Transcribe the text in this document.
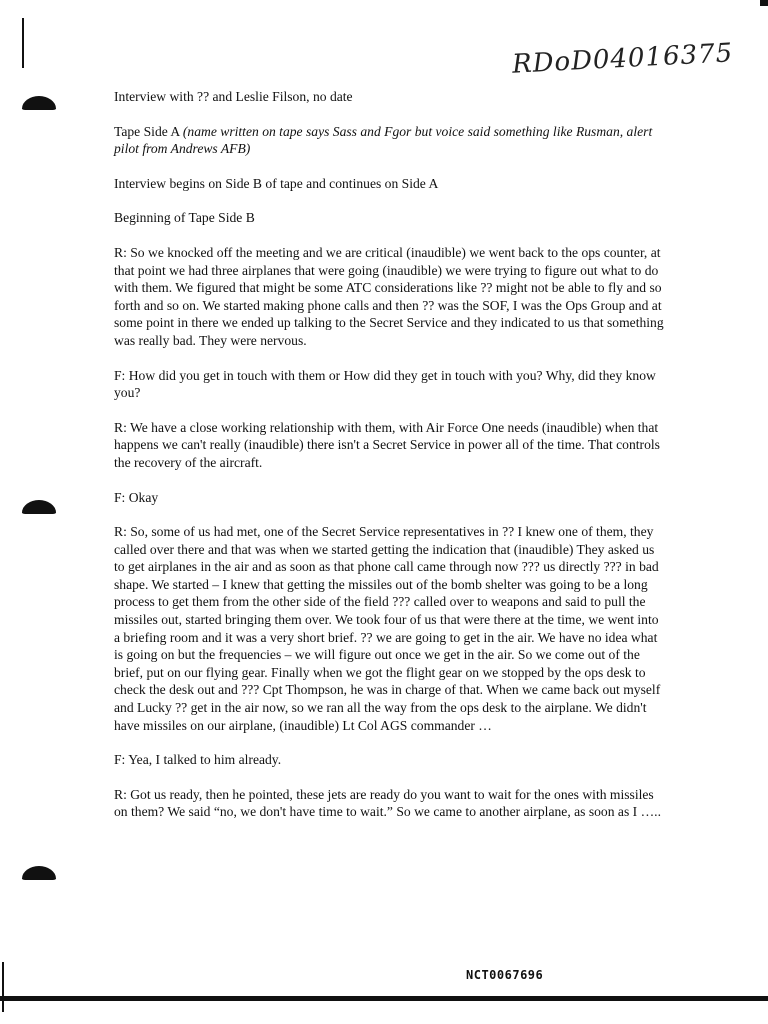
RDoD04016375

Interview with ?? and Leslie Filson, no date

Tape Side A (name written on tape says Sass and Fgor but voice said something like Rusman, alert pilot from Andrews AFB)

Interview begins on Side B of tape and continues on Side A

Beginning of Tape Side B

R: So we knocked off the meeting and we are critical (inaudible) we went back to the ops counter, at that point we had three airplanes that were going (inaudible) we were trying to figure out what to do with them. We figured that might be some ATC considerations like ?? might not be able to fly and so forth and so on. We started making phone calls and then ?? was the SOF, I was the Ops Group and at some point in there we ended up talking to the Secret Service and they indicated to us that something was really bad. They were nervous.

F: How did you get in touch with them or How did they get in touch with you? Why, did they know you?

R: We have a close working relationship with them, with Air Force One needs (inaudible) when that happens we can't really (inaudible) there isn't a Secret Service in power all of the time. That controls the recovery of the aircraft.

F: Okay

R: So, some of us had met, one of the Secret Service representatives in ?? I knew one of them, they called over there and that was when we started getting the indication that (inaudible) They asked us to get airplanes in the air and as soon as that phone call came through now ??? us directly ??? in bad shape. We started – I knew that getting the missiles out of the bomb shelter was going to be a long process to get them from the other side of the field ??? called over to weapons and said to pull the missiles out, started bringing them over. We took four of us that were there at the time, we went into a briefing room and it was a very short brief. ?? we are going to get in the air. We have no idea what is going on but the frequencies – we will figure out once we get in the air. So we come out of the brief, put on our flying gear. Finally when we got the flight gear on we stopped by the ops desk to check the desk out and ??? Cpt Thompson, he was in charge of that. When we came back out myself and Lucky ?? get in the air now, so we ran all the way from the ops desk to the airplane. We didn't have missiles on our airplane, (inaudible) Lt Col AGS commander …

F: Yea, I talked to him already.

R: Got us ready, then he pointed, these jets are ready do you want to wait for the ones with missiles on them? We said “no, we don't have time to wait.” So we came to another airplane, as soon as I …..

NCT0067696
